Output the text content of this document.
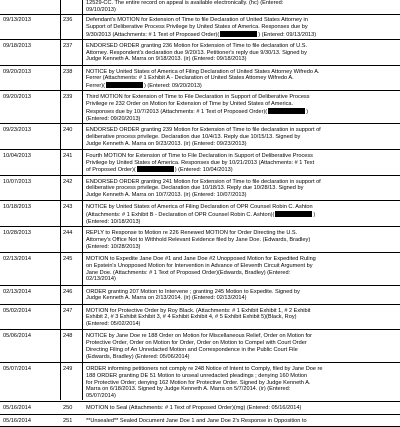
12529-CC. The entire record on appeal is available electronically. (hc) (Entered:
09/10/2013)
09/13/2013	236 Defendant's MOTION for Extension of Time to file Declaration of United States Attorney in
Support of Deliberative Process Privilege by United States of America. Responses due by
9/30/2013 (Attachments: # 1 Text of Proposed Order)(	) (Entered: 09/13/2013)
09/18/2013	237 ENDORSED ORDER granting 236 Motion for Extension of Time to file declaration of U.S.
Attorney. Respondent's declaration due 9/20/13. Petitioner's reply due 9/30/13. Signed by
Judge Kenneth A. Marra on 9/18/2013. (ir) (Entered: 09/18/2013)
09/20/2013	238 NOTICE by United States of America of Filing Declaration of United States Attorney Wifredo A.
Ferrer (Attachments: # 1 Exhibit A - Declaration of United States Attorney Wifredo A.
Ferrer)(	) (Entered: 09/20/2013)
09/20/2013	239 Third MOTION for Extension of Time to File Declaration in Support of Deliberative Process
Privilege re 232 Order on Motion for Extension of Time by United States of America.
Responses due by 10/7/2013 (Attachments: # 1 Text of Proposed Order)(	)
(Entered: 09/20/2013)
09/23/2013	240 ENDORSED ORDER granting 239 Motion for Extension of Time to file declaration in support of
deliberative process privilege. Declaration due 10/4/13. Reply due 10/15/13. Signed by
Judge Kenneth A. Marra on 9/23/2013. (ir) (Entered: 09/23/2013)
10/04/2013	241 Fourth MOTION for Extension of Time to File Declaration in Support of Deliberative Process
Privilege by United States of America. Responses due by 10/21/2013 (Attachments: # 1 Text
of Proposed Order)(	) (Entered: 10/04/2013)
10/07/2013	242 ENDORSED ORDER granting 241 Motion for Extension of Time to file declaration in support of
deliberative process privilege. Declaration due 10/18/13. Reply due 10/28/13. Signed by
Judge Kenneth A. Marra on 10/7/2013. (ir) (Entered: 10/07/2013)
10/18/2013	243 NOTICE by United States of America of Filing Declaration of OPR Counsel Robin C. Ashton
(Attachments: # 1 Exhibit B - Declaration of OPR Counsel Robin C. Ashton)(	)
(Entered: 10/18/2013)
10/28/2013	244 REPLY to Response to Motion re 226 Renewed MOTION for Order Directing the U.S.
Attorney's Office Not to Withhold Relevant Evidence filed by Jane Doe. (Edwards, Bradley)
(Entered: 10/28/2013)
02/13/2014	245 MOTION to Expedite Jane Doe #1 and Jane Doe #2 Unopposed Motion for Expedited Ruling
on Epstein's Unopposed Motion for Intervention in Advance of Eleventh Circuit Argument by
Jane Doe. (Attachments: # 1 Text of Proposed Order)(Edwards, Bradley) (Entered:
02/13/2014)
02/13/2014	246 ORDER granting 207 Motion to Intervene ; granting 245 Motion to Expedite. Signed by
Judge Kenneth A. Marra on 2/13/2014. (ir) (Entered: 02/13/2014)
05/02/2014	247 MOTION for Protective Order by Roy Black. (Attachments: # 1 Exhibit Exhibit 1, # 2 Exhibit
Exhibit 2, # 3 Exhibit Exhibit 3, # 4 Exhibit Exhibit 4, # 5 Exhibit Exhibit 5)(Black, Roy)
(Entered: 05/02/2014)
05/06/2014	248 NOTICE by Jane Doe re 188 Order on Motion for Miscellaneous Relief, Order on Motion for
Protective Order, Order on Motion for Order, Order on Motion to Compel with Court Order
Directing Filing of An Unredacted Motion and Correspondence in the Public Court File
(Edwards, Bradley) (Entered: 05/06/2014)
05/07/2014	249 ORDER informing petitioners not comply re 248 Notice of Intent to Comply, filed by Jane Doe re
188 ORDER granting DE 51 Motion to unseal unredacted pleadings ; denying 160 Motion
for Protective Order; denying 162 Motion for Protective Order. Signed by Judge Kenneth A.
Marra on 6/18/2013. Signed by Judge Kenneth A. Marra on 5/7/2014. (ir) (Entered:
05/07/2014)
05/16/2014	250 MOTION to Seal (Attachments: # 1 Text of Proposed Order)(mg) (Entered: 05/16/2014)
05/16/2014	251 **Unsealed** Sealed Document Jane Doe 1 and Jane Doe 2's Response in Opposition to
